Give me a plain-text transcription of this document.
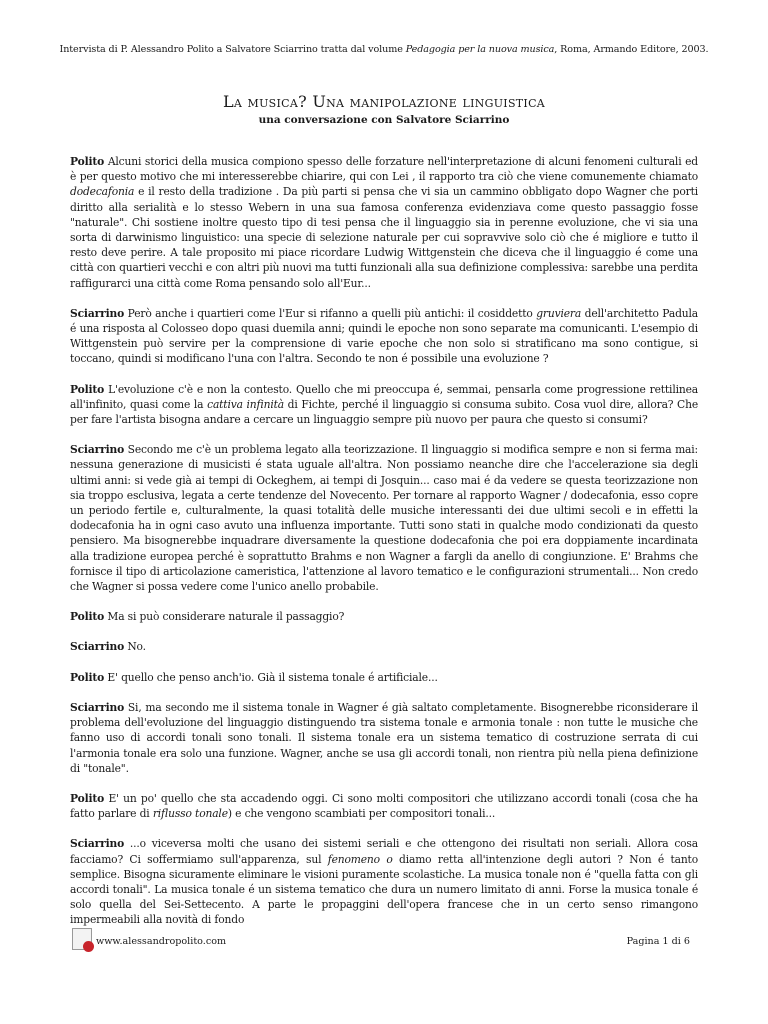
Intervista di P. Alessandro Polito a Salvatore Sciarrino tratta dal volume Pedagogia per la nuova musica, Roma, Armando Editore, 2003.
La musica? Una manipolazione linguistica
una conversazione con Salvatore Sciarrino

Polito Alcuni storici della musica compiono spesso delle forzature nell'interpretazione di alcuni fenomeni culturali ed è per questo motivo che mi interesserebbe chiarire, qui con Lei , il rapporto tra ciò che viene comunemente chiamato dodecafonia e il resto della tradizione . Da più parti si pensa che vi sia un cammino obbligato dopo Wagner che porti diritto alla serialità e lo stesso Webern in una sua famosa conferenza evidenziava come questo passaggio fosse "naturale". Chi sostiene inoltre questo tipo di tesi pensa che il linguaggio sia in perenne evoluzione, che vi sia una sorta di darwinismo linguistico: una specie di selezione naturale per cui sopravvive solo ciò che é migliore e tutto il resto deve perire. A tale proposito mi piace ricordare Ludwig Wittgenstein che diceva che il linguaggio é come una città con quartieri vecchi e con altri più nuovi ma tutti funzionali alla sua definizione complessiva: sarebbe una perdita raffigurarci una città come Roma pensando solo all'Eur...

Sciarrino Però anche i quartieri come l'Eur si rifanno a quelli più antichi: il cosiddetto gruviera dell'architetto Padula é una risposta al Colosseo dopo quasi duemila anni; quindi le epoche non sono separate ma comunicanti. L'esempio di Wittgenstein può servire per la comprensione di varie epoche che non solo si stratificano ma sono contigue, si toccano, quindi si modificano l'una con l'altra. Secondo te non é possibile una evoluzione ?

Polito L'evoluzione c'è e non la contesto. Quello che mi preoccupa é, semmai, pensarla come progressione rettilinea all'infinito, quasi come la cattiva infinità di Fichte, perché il linguaggio si consuma subito. Cosa vuol dire, allora? Che per fare l'artista bisogna andare a cercare un linguaggio sempre più nuovo per paura che questo si consumi?

Sciarrino Secondo me c'è un problema legato alla teorizzazione. Il linguaggio si modifica sempre e non si ferma mai: nessuna generazione di musicisti é stata uguale all'altra. Non possiamo neanche dire che l'accelerazione sia degli ultimi anni: si vede già ai tempi di Ockeghem, ai tempi di Josquin... caso mai é da vedere se questa teorizzazione non sia troppo esclusiva, legata a certe tendenze del Novecento. Per tornare al rapporto Wagner / dodecafonia, esso copre un periodo fertile e, culturalmente, la quasi totalità delle musiche interessanti dei due ultimi secoli e in effetti la dodecafonia ha in ogni caso avuto una influenza importante. Tutti sono stati in qualche modo condizionati da questo pensiero. Ma bisognerebbe inquadrare diversamente la questione dodecafonia che poi era doppiamente incardinata alla tradizione europea perché è soprattutto Brahms e non Wagner a fargli da anello di congiunzione. E' Brahms che fornisce il tipo di articolazione cameristica, l'attenzione al lavoro tematico e le configurazioni strumentali... Non credo che Wagner si possa vedere come l'unico anello probabile.

Polito Ma si può considerare naturale il passaggio?

Sciarrino No.

Polito E' quello che penso anch'io. Già il sistema tonale é artificiale...

Sciarrino Si, ma secondo me il sistema tonale in Wagner é già saltato completamente. Bisognerebbe riconsiderare il problema dell'evoluzione del linguaggio distinguendo tra sistema tonale e armonia tonale : non tutte le musiche che fanno uso di accordi tonali sono tonali. Il sistema tonale era un sistema tematico di costruzione serrata di cui l'armonia tonale era solo una funzione. Wagner, anche se usa gli accordi tonali, non rientra più nella piena definizione di "tonale".

Polito E' un po' quello che sta accadendo oggi. Ci sono molti compositori che utilizzano accordi tonali (cosa che ha fatto parlare di riflusso tonale) e che vengono scambiati per compositori tonali...

Sciarrino ...o viceversa molti che usano dei sistemi seriali e che ottengono dei risultati non seriali. Allora cosa facciamo? Ci soffermiamo sull'apparenza, sul fenomeno o diamo retta all'intenzione degli autori ? Non é tanto semplice. Bisogna sicuramente eliminare le visioni puramente scolastiche. La musica tonale non é "quella fatta con gli accordi tonali". La musica tonale é un sistema tematico che dura un numero limitato di anni. Forse la musica tonale é solo quella del Sei-Settecento. A parte le propaggini dell'opera francese che in un certo senso rimangono impermeabili alla novità di fondo

www.alessandropolito.com	Pagina 1 di 6
